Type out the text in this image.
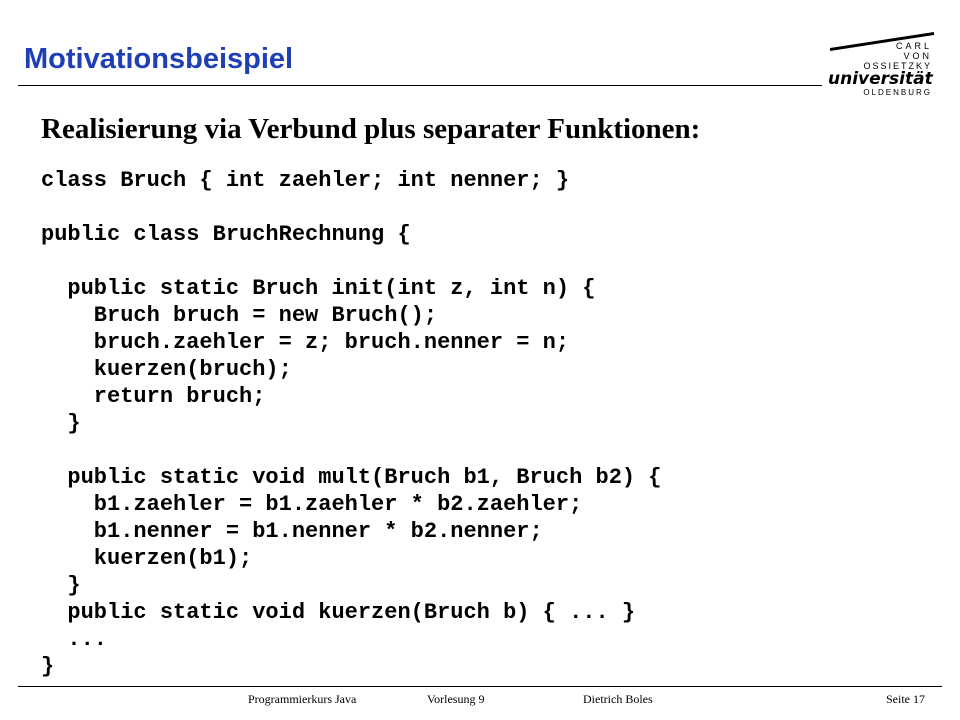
Motivationsbeispiel	CARL
VON
OSSIETZKY
universität
OLDENBURG
Realisierung via Verbund plus separater Funktionen:
class Bruch { int zaehler; int nenner; }
public class BruchRechnung {
public static Bruch init(int z, int n) {
Bruch bruch = new Bruch();
bruch.zaehler = z; bruch.nenner = n;
kuerzen(bruch);
return bruch;
}
public static void mult(Bruch b1, Bruch b2) {
b1.zaehler = b1.zaehler * b2.zaehler;
b1.nenner = b1.nenner * b2.nenner;
kuerzen(b1);
}
public static void kuerzen(Bruch b) { ... }
...
}
Programmierkurs Java	Vorlesung 9	Dietrich Boles	Seite 17
